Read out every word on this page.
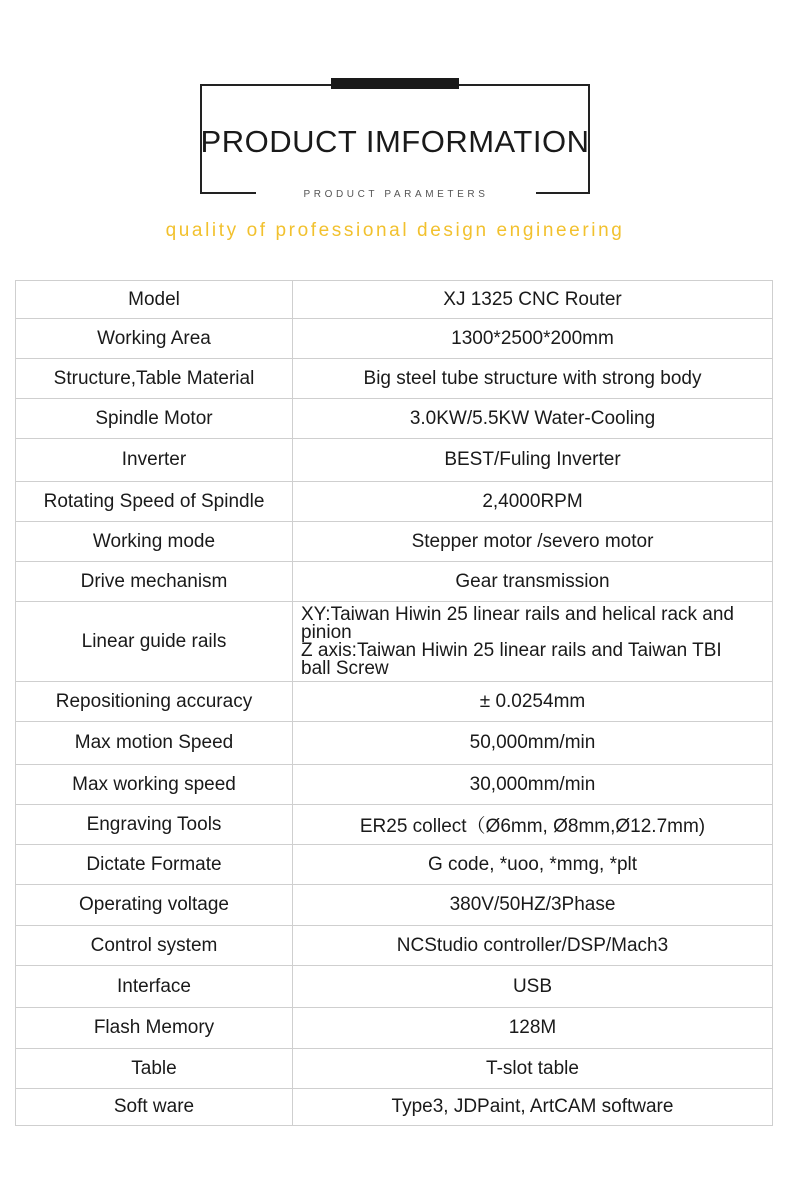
PRODUCT IMFORMATION
PRODUCT PARAMETERS
quality of professional design engineering
Model	XJ 1325 CNC Router
Working Area	1300*2500*200mm
Structure,Table Material	Big steel tube structure with strong body
Spindle Motor	3.0KW/5.5KW Water-Cooling
Inverter	BEST/Fuling Inverter
Rotating Speed of Spindle	2,4000RPM
Working mode	Stepper motor /severo motor
Drive mechanism	Gear transmission
Linear guide rails	XY:Taiwan Hiwin 25 linear rails and helical rack and
pinion
Z axis:Taiwan Hiwin 25 linear rails and Taiwan TBI
ball Screw

Repositioning accuracy	± 0.0254mm
Max motion Speed	50,000mm/min
Max working speed	30,000mm/min
Engraving Tools	ER25 collect（Ø6mm, Ø8mm,Ø12.7mm)
Dictate Formate	G code, *uoo, *mmg, *plt
Operating voltage	380V/50HZ/3Phase
Control system	NCStudio controller/DSP/Mach3
Interface	USB
Flash Memory	128M
Table	T-slot table
Soft ware	Type3, JDPaint, ArtCAM software
